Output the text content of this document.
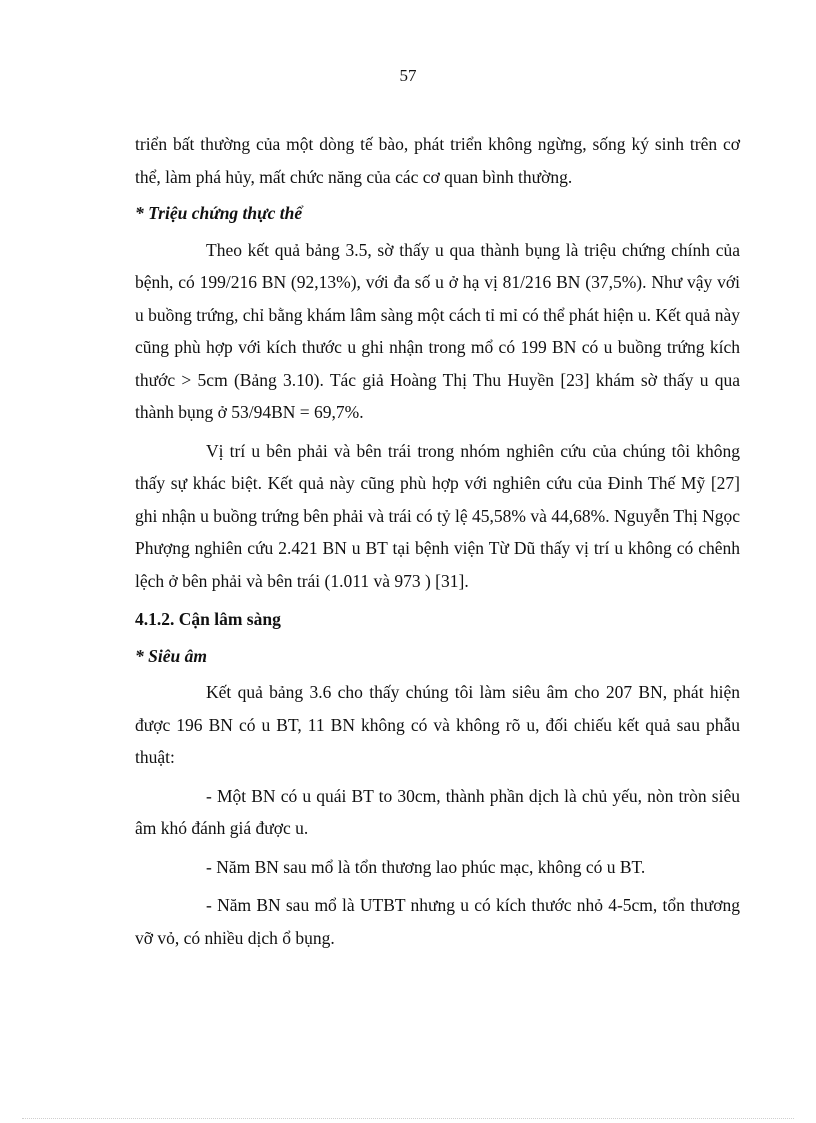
57

triển bất thường của một dòng tế bào, phát triển không ngừng, sống ký sinh trên cơ thể, làm phá hủy, mất chức năng của các cơ quan bình thường.

* Triệu chứng thực thể

Theo kết quả bảng 3.5, sờ thấy u qua thành bụng là triệu chứng chính của bệnh, có 199/216 BN (92,13%), với đa số u ở hạ vị 81/216 BN (37,5%). Như vậy với u buồng trứng, chỉ bằng khám lâm sàng một cách tỉ mỉ có thể phát hiện u. Kết quả này cũng phù hợp với kích thước u ghi nhận trong mổ có 199 BN có u buồng trứng kích thước > 5cm (Bảng 3.10). Tác giả Hoàng Thị Thu Huyền [23] khám sờ thấy u qua thành bụng ở 53/94BN = 69,7%.

Vị trí u bên phải và bên trái trong nhóm nghiên cứu của chúng tôi không thấy sự khác biệt. Kết quả này cũng phù hợp với nghiên cứu của Đinh Thế Mỹ [27] ghi nhận u buồng trứng bên phải và trái có tỷ lệ 45,58% và 44,68%. Nguyễn Thị Ngọc Phượng nghiên cứu 2.421 BN u BT tại bệnh viện Từ Dũ thấy vị trí u không có chênh lệch ở bên phải và bên trái (1.011 và 973 ) [31].

4.1.2. Cận lâm sàng

* Siêu âm

Kết quả bảng 3.6 cho thấy chúng tôi làm siêu âm cho 207 BN, phát hiện được 196 BN có u BT, 11 BN không có và không rõ u, đối chiếu kết quả sau phẫu thuật:

- Một BN có u quái BT to 30cm, thành phần dịch là chủ yếu, nòn tròn siêu âm khó đánh giá được u.

- Năm BN sau mổ là tổn thương lao phúc mạc, không có u BT.

- Năm BN sau mổ là UTBT nhưng u có kích thước nhỏ 4-5cm, tổn thương vỡ vỏ, có nhiều dịch ổ bụng.
